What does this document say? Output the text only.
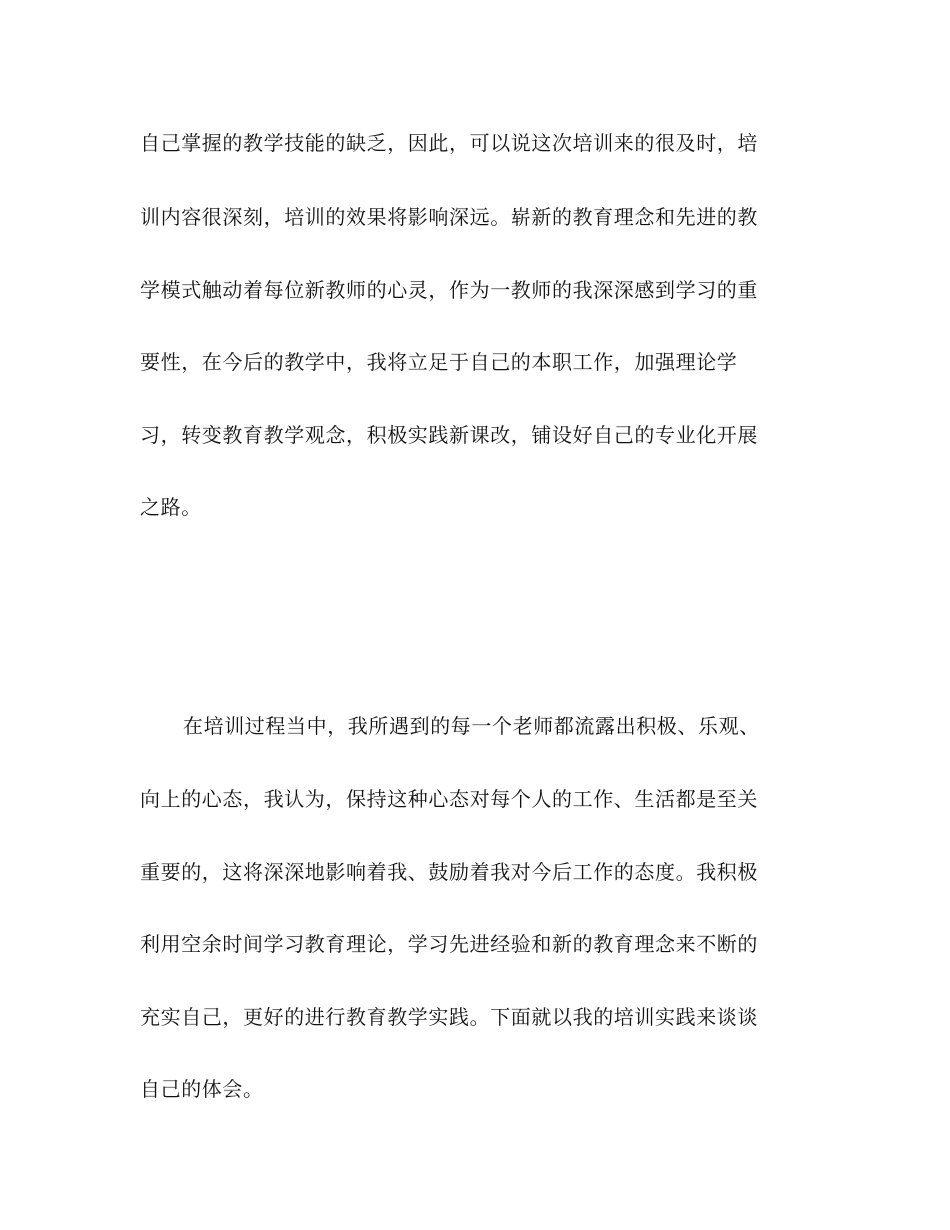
自己掌握的教学技能的缺乏，因此，可以说这次培训来的很及时，培
训内容很深刻，培训的效果将影响深远。崭新的教育理念和先进的教
学模式触动着每位新教师的心灵，作为一教师的我深深感到学习的重
要性，在今后的教学中，我将立足于自己的本职工作，加强理论学
习，转变教育教学观念，积极实践新课改，铺设好自己的专业化开展
之路。
在培训过程当中，我所遇到的每一个老师都流露出积极、乐观、
向上的心态，我认为，保持这种心态对每个人的工作、生活都是至关
重要的，这将深深地影响着我、鼓励着我对今后工作的态度。我积极
利用空余时间学习教育理论，学习先进经验和新的教育理念来不断的
充实自己，更好的进行教育教学实践。下面就以我的培训实践来谈谈
自己的体会。
